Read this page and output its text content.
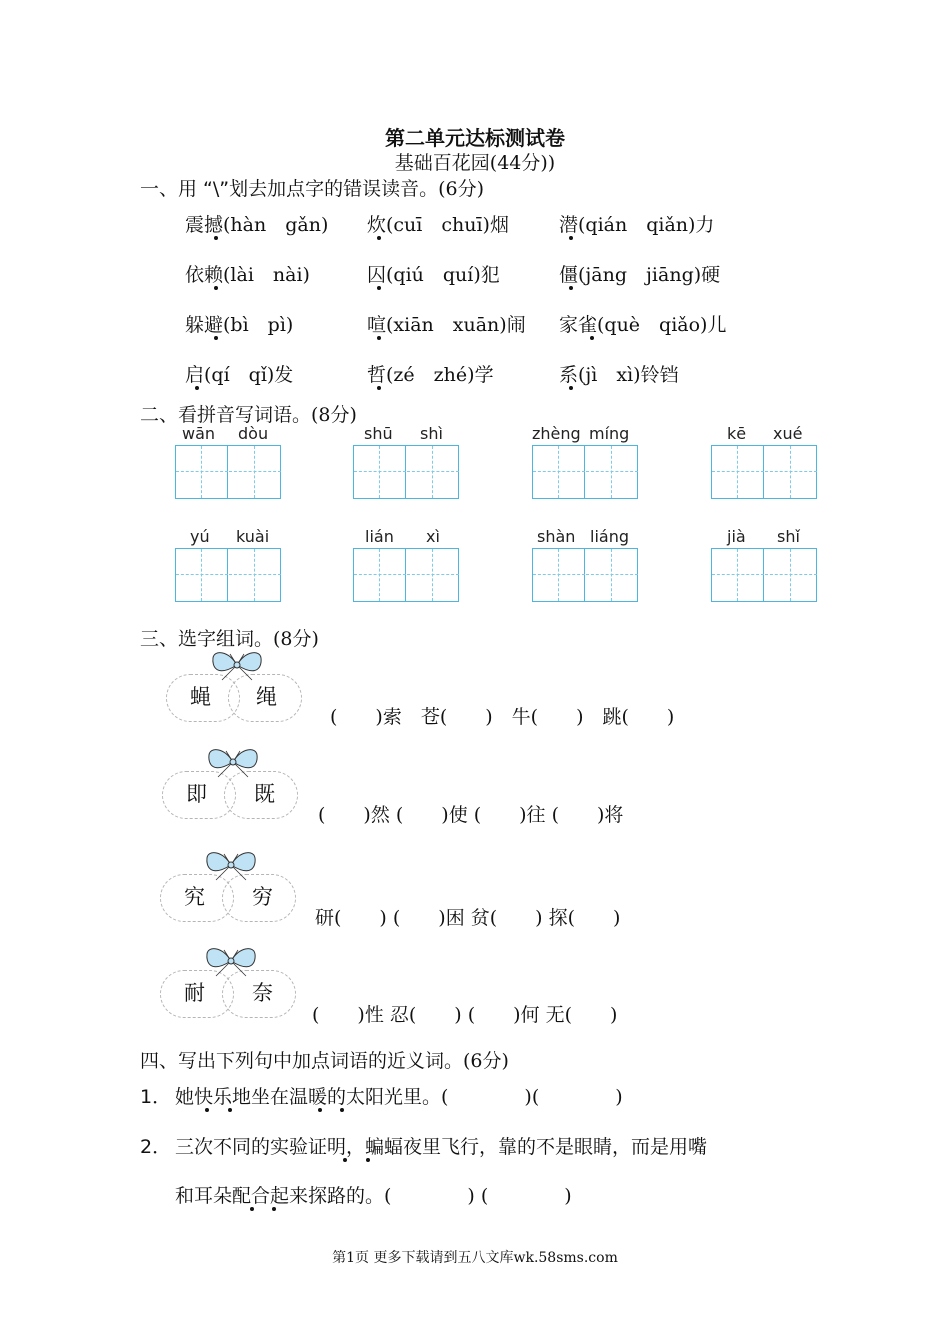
第二单元达标测试卷
基础百花园(44分))
一、用 “\”划去加点字的错误读音。(6分)
震撼(hàn　gǎn) 炊(cuī　chuī)烟	潜(qián　qiǎn)力
依赖(lài　nài)	囚(qiú　quí)犯	僵(jāng　jiāng)硬
躲避(bì　pì)	喧(xiān　xuān)闹 家雀(què　qiǎo)儿
启(qí　qǐ)发	哲(zé　zhé)学	系(jì　xì)铃铛
二、看拼音写词语。(8分)
wān dòu	shū shì	zhèng míng	kē xué
yú kuài	lián xì	shàn liáng	jià shǐ
三、选字组词。(8分)
蝇 绳
(　　)索　苍(　　)　牛(　　)　跳(　　)
即 既
(　　)然 (　　)使 (　　)往 (　　)将
究 穷
研(　　) (　　)困 贫(　　) 探(　　)
耐 奈
(　　)性 忍(　　) (　　)何 无(　　)
四、写出下列句中加点词语的近义词。(6分)
1． 她快乐地坐在温暖的太阳光里。(　　　　)(　　　　)
2． 三次不同的实验证明，蝙蝠夜里飞行，靠的不是眼睛，而是用嘴
和耳朵配合起来探路的。(　　　　) (　　　　)
第1页 更多下载请到五八文库wk.58sms.com
